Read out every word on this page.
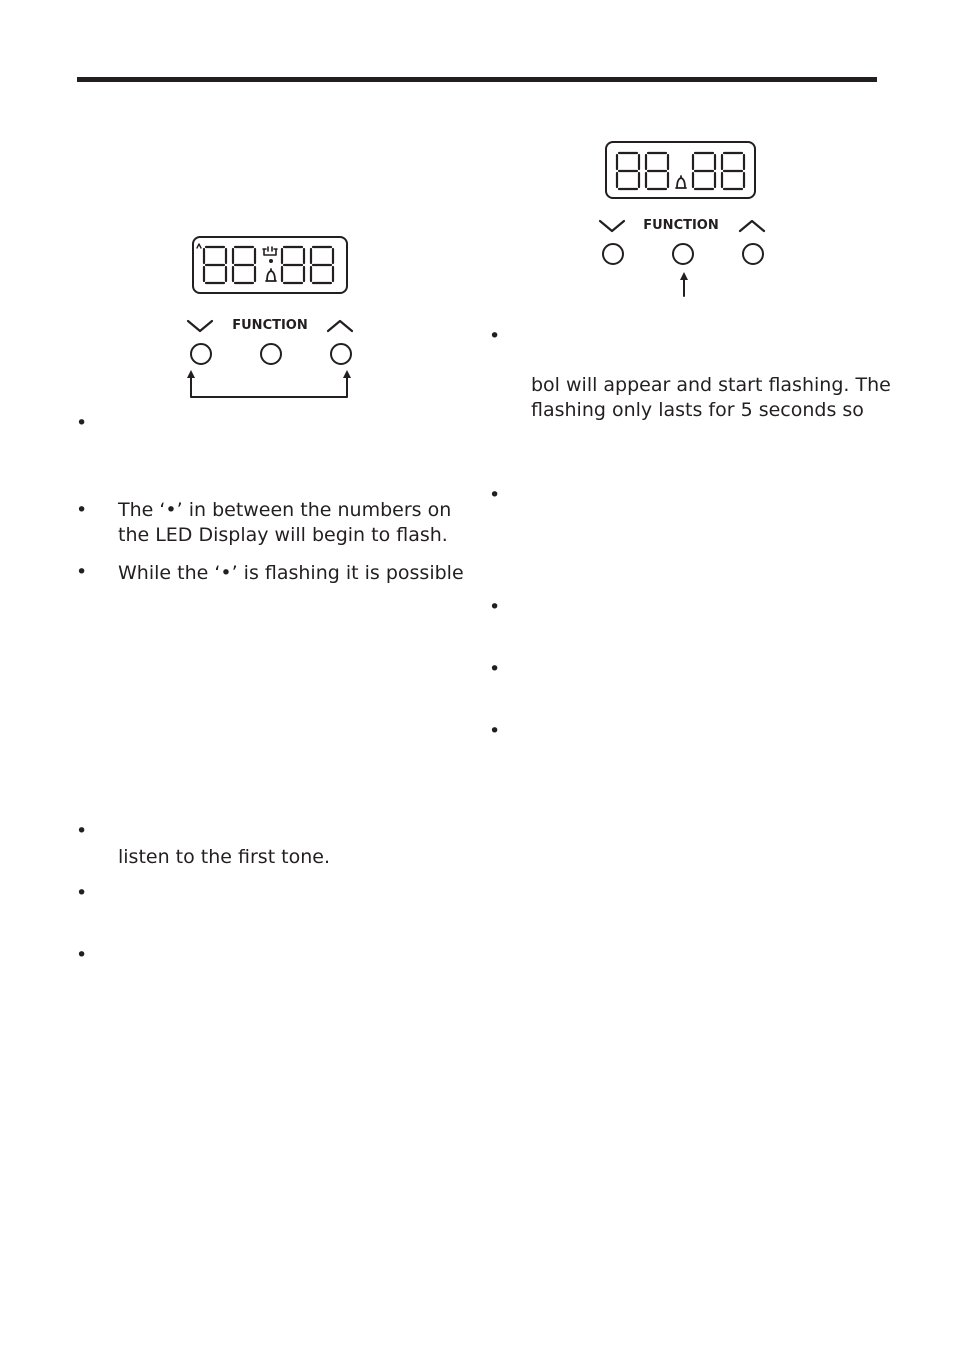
FUNCTION
FUNCTION
•
• The ‘•’ in between the numbers on
the LED Display will begin to flash.
• While the ‘•’ is flashing it is possible
•
listen to the first tone.
•
•
•
bol will appear and start flashing. The
flashing only lasts for 5 seconds so
•
•
•
•
